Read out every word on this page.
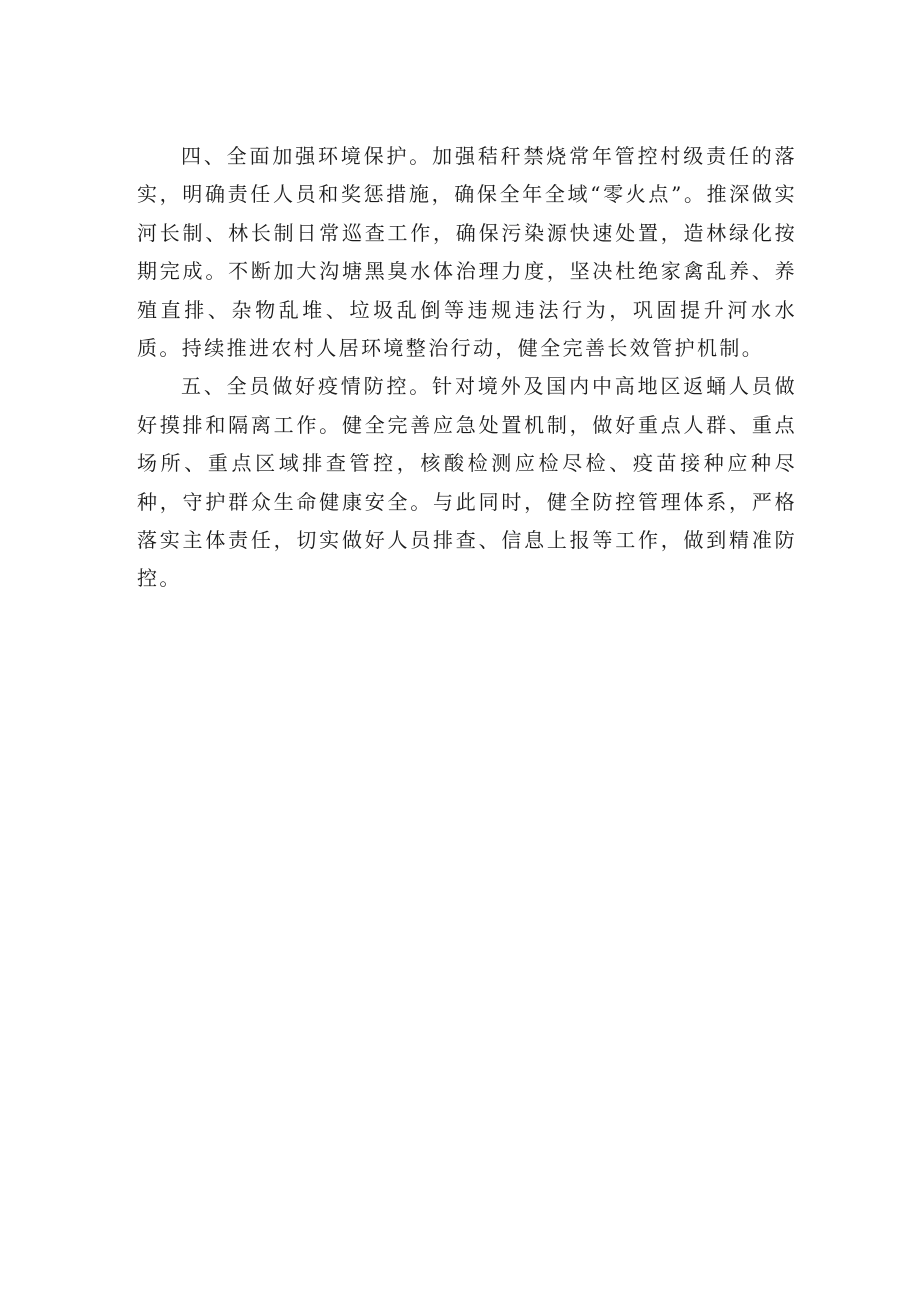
四、全面加强环境保护。加强秸秆禁烧常年管控村级责任的落实，明确责任人员和奖惩措施，确保全年全域“零火点”。推深做实河长制、林长制日常巡查工作，确保污染源快速处置，造林绿化按期完成。不断加大沟塘黑臭水体治理力度，坚决杜绝家禽乱养、养殖直排、杂物乱堆、垃圾乱倒等违规违法行为，巩固提升河水水质。持续推进农村人居环境整治行动，健全完善长效管护机制。

五、全员做好疫情防控。针对境外及国内中高地区返蛹人员做好摸排和隔离工作。健全完善应急处置机制，做好重点人群、重点场所、重点区域排查管控，核酸检测应检尽检、疫苗接种应种尽种，守护群众生命健康安全。与此同时，健全防控管理体系，严格落实主体责任，切实做好人员排查、信息上报等工作，做到精准防控。
